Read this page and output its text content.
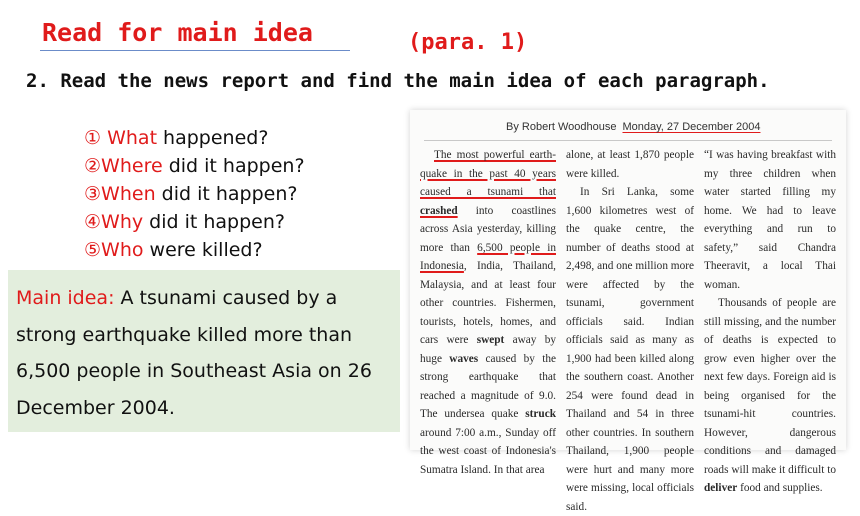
Read for main idea	(para. 1)
2. Read the news report and find the main idea of each paragraph.
① What happened?
②Where did it happen?
③When did it happen?
④Why did it happen?
⑤Who were killed?
Main idea: A tsunami caused by a strong earthquake killed more than 6,500 people in Southeast Asia on 26 December 2004.
By Robert Woodhouse Monday, 27 December 2004

The most powerful earth-quake in the past 40 years caused a tsunami that crashed into coastlines across Asia yesterday, killing more than 6,500 people in Indonesia, India, Thailand, Malaysia, and at least four other countries. Fishermen, tourists, hotels, homes, and cars were swept away by huge waves caused by the strong earthquake that reached a magnitude of 9.0. The undersea quake struck around 7:00 a.m., Sunday off the west coast of Indonesia's Sumatra Island. In that area

alone, at least 1,870 people were killed.

In Sri Lanka, some 1,600 kilometres west of the quake centre, the number of deaths stood at 2,498, and one million more were affected by the tsunami, government officials said. Indian officials said as many as 1,900 had been killed along the southern coast. Another 254 were found dead in Thailand and 54 in three other countries. In southern Thailand, 1,900 people were hurt and many more were missing, local officials said.

“I was having breakfast with my three children when water started filling my home. We had to leave everything and run to safety,” said Chandra Theeravit, a local Thai woman.

Thousands of people are still missing, and the number of deaths is expected to grow even higher over the next few days. Foreign aid is being organised for the tsunami-hit countries. However, dangerous conditions and damaged roads will make it difficult to deliver food and supplies.
